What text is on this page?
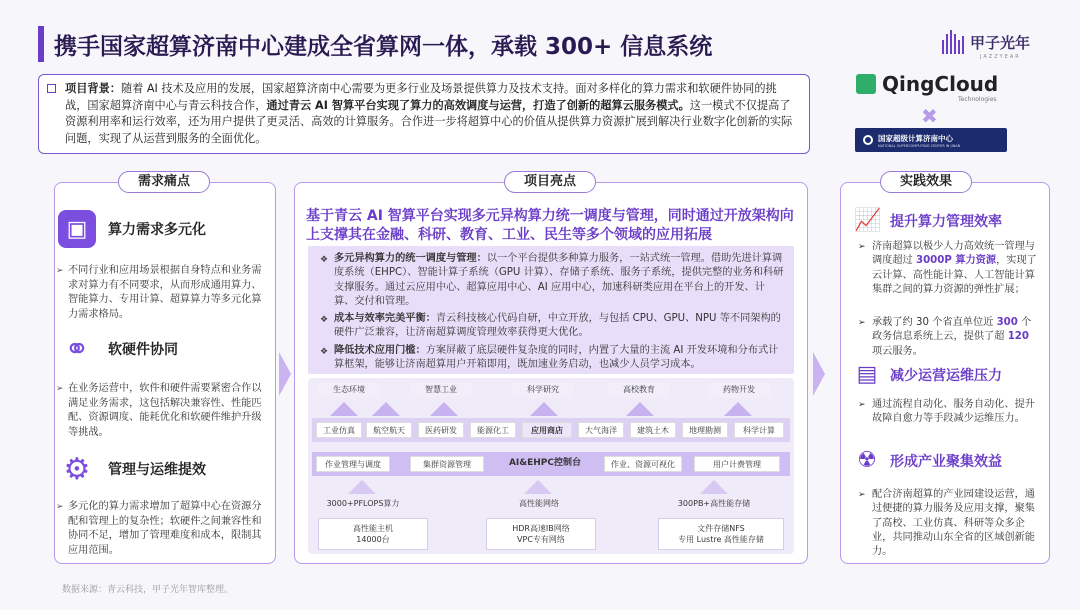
携手国家超算济南中心建成全省算网一体，承载 300+ 信息系统	甲子光年
JAZZYEAR
项目背景：随着 AI 技术及应用的发展，国家超算济南中心需要为更多行业及场景提供算力及技术支持。面对多样化的算力需求和软硬件协同的挑战，国家超算济南中心与青云科技合作，通过青云 AI 智算平台实现了算力的高效调度与运营，打造了创新的超算云服务模式。这一模式不仅提高了资源利用率和运行效率，还为用户提供了更灵活、高效的计算服务。合作进一步将超算中心的价值从提供算力资源扩展到解决行业数字化创新的实际问题，实现了从运营到服务的全面优化。
QingCloud
Technologies
✖
国家超级计算济南中心
NATIONAL SUPERCOMPUTING CENTER IN JINAN
需求痛点	项目亮点	实践效果
▣	算力需求多元化
➢ 不同行业和应用场景根据自身特点和业务需求对算力有不同要求，从而形成通用算力、智能算力、专用计算、超算算力等多元化算力需求格局。
⚭	软硬件协同
➢ 在业务运营中，软件和硬件需要紧密合作以满足业务需求，这包括解决兼容性、性能匹配、资源调度、能耗优化和软硬件维护升级等挑战。
⚙	管理与运维提效
➢ 多元化的算力需求增加了超算中心在资源分配和管理上的复杂性；软硬件之间兼容性和协同不足，增加了管理难度和成本，限制其应用范围。
基于青云 AI 智算平台实现多元异构算力统一调度与管理，同时通过开放架构向上支撑其在金融、科研、教育、工业、民生等多个领域的应用拓展
❖ 多元异构算力的统一调度与管理：以一个平台提供多种算力服务，一站式统一管理。借助先进计算调度系统（EHPC）、智能计算子系统（GPU 计算）、存储子系统、服务子系统，提供完整的业务和科研支撑服务。通过云应用中心、超算应用中心、AI 应用中心，加速科研类应用在平台上的开发、计算、交付和管理。
❖ 成本与效率完美平衡：青云科技核心代码自研，中立开放，与包括 CPU、GPU、NPU 等不同架构的硬件广泛兼容，让济南超算调度管理效率获得更大优化。
❖ 降低技术应用门槛：方案屏蔽了底层硬件复杂度的同时，内置了大量的主流 AI 开发环境和分布式计算框架，能够让济南超算用户开箱即用，既加速业务启动，也减少人员学习成本。
生态环境	智慧工业	科学研究	高校教育	药物开发
工业仿真	航空航天	医药研发	能源化工	应用商店	大气海洋	建筑土木	地理勘测	科学计算
作业管理与调度	集群资源管理	AI&EHPC控制台	作业、资源可视化	用户计费管理
3000+PFLOPS算力	高性能网络	300PB+高性能存储
高性能主机
14000台
HDR高速IB网络
VPC专有网络
文件存储NFS
专用 Lustre 高性能存储
📈 提升算力管理效率
➢ 济南超算以极少人力高效统一管理与调度超过 3000P 算力资源，实现了云计算、高性能计算、人工智能计算集群之间的算力资源的弹性扩展；
➢ 承载了约 30 个省直单位近 300 个政务信息系统上云，提供了超 120 项云服务。
▤ 减少运营运维压力
➢ 通过流程自动化、服务自动化、提升故障自愈力等手段减少运维压力。
☢ 形成产业聚集效益
➢ 配合济南超算的产业园建设运营，通过便捷的算力服务及应用支撑，聚集了高校、工业仿真、科研等众多企业，共同推动山东全省的区域创新能力。
数据来源：青云科技，甲子光年智库整理。
